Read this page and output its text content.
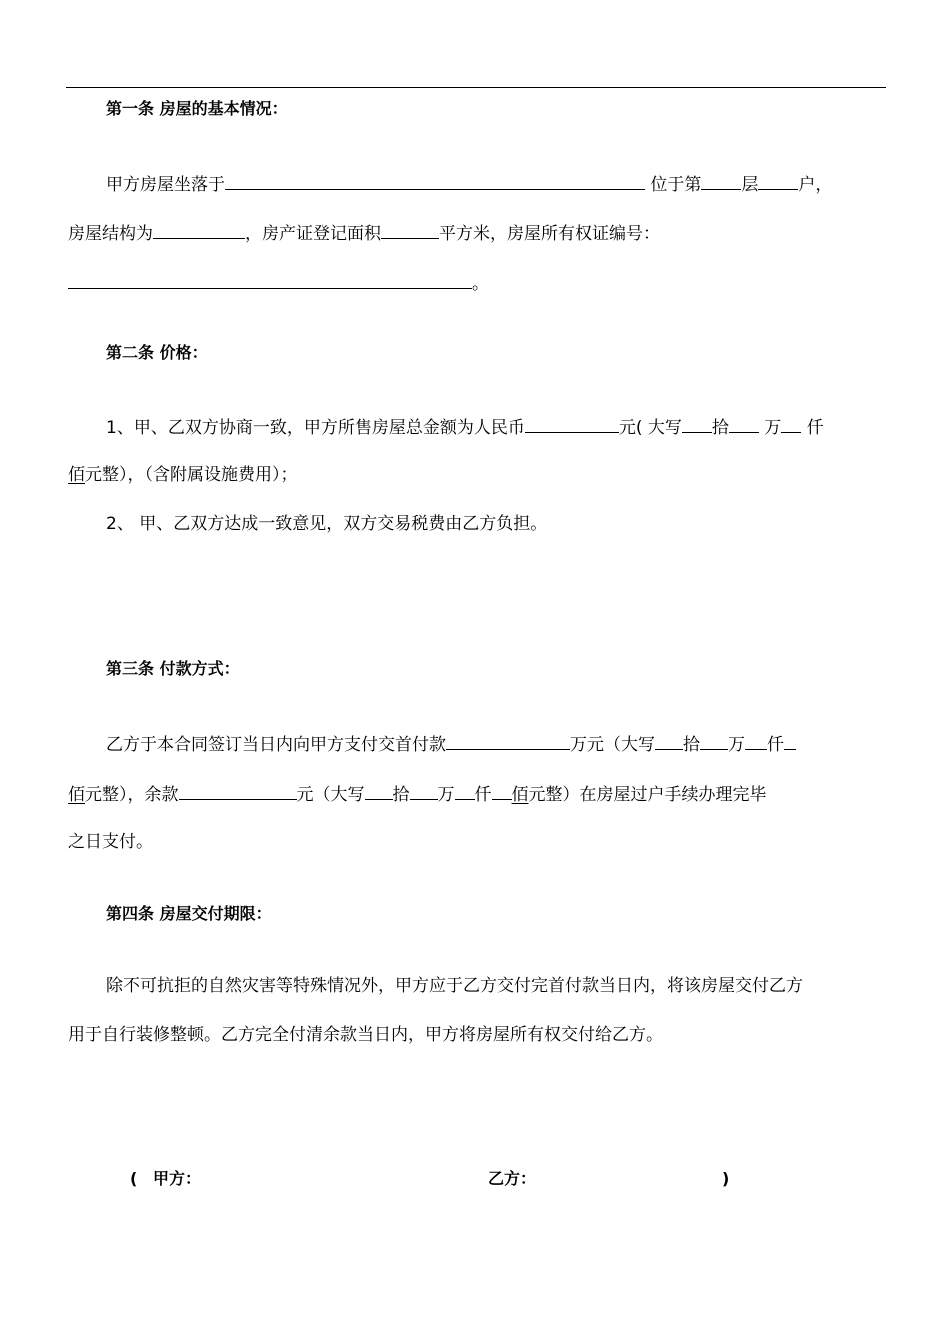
第一条 房屋的基本情况：
甲方房屋坐落于	位于第 层 户，
房屋结构为	，房产证登记面积	平方米，房屋所有权证编号：
。
第二条 价格：
1、甲、乙双方协商一致，甲方所售房屋总金额为人民币	元( 大写 拾 万 仟
佰元整），（含附属设施费用）；
2、 甲、乙双方达成一致意见，双方交易税费由乙方负担。
第三条 付款方式：
乙方于本合同签订当日内向甲方支付交首付款	万元（大写 拾 万 仟
佰元整），余款	元（大写 拾 万 仟 佰元整）在房屋过户手续办理完毕
之日支付。
第四条 房屋交付期限：
除不可抗拒的自然灾害等特殊情况外，甲方应于乙方交付完首付款当日内，将该房屋交付乙方
用于自行装修整顿。乙方完全付清余款当日内，甲方将房屋所有权交付给乙方。
( 甲方：	乙方：	)
